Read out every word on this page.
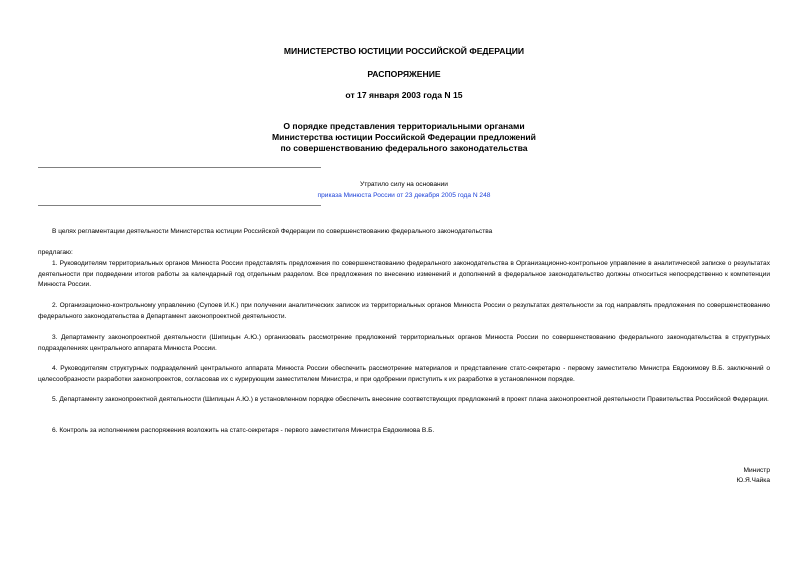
МИНИСТЕРСТВО ЮСТИЦИИ РОССИЙСКОЙ ФЕДЕРАЦИИ
РАСПОРЯЖЕНИЕ
от 17 января 2003 года N 15
О порядке представления территориальными органами
Министерства юстиции Российской Федерации предложений
по совершенствованию федерального законодательства
Утратило силу на основании
приказа Минюста России от 23 декабря 2005 года N 248
В целях регламентации деятельности Министерства юстиции Российской Федерации по совершенствованию федерального законодательства
предлагаю:
1. Руководителям территориальных органов Минюста России представлять предложения по совершенствованию федерального законодательства в Организационно-контрольное управление в аналитической записке о результатах деятельности при подведении итогов работы за календарный год отдельным разделом. Все предложения по внесению изменений и дополнений в федеральное законодательство должны относиться непосредственно к компетенции Минюста России.
2. Организационно-контрольному управлению (Супоев И.К.) при получении аналитических записок из территориальных органов Минюста России о результатах деятельности за год направлять предложения по совершенствованию федерального законодательства в Департамент законопроектной деятельности.
3. Департаменту законопроектной деятельности (Шипицын А.Ю.) организовать рассмотрение предложений территориальных органов Минюста России по совершенствованию федерального законодательства в структурных подразделениях центрального аппарата Минюста России.
4. Руководителям структурных подразделений центрального аппарата Минюста России обеспечить рассмотрение материалов и представление статс-секретарю - первому заместителю Министра Евдокимову В.Б. заключений о целесообразности разработки законопроектов, согласовав их с курирующим заместителем Министра, и при одобрении приступить к их разработке в установленном порядке.
5. Департаменту законопроектной деятельности (Шипицын А.Ю.) в установленном порядке обеспечить внесение соответствующих предложений в проект плана законопроектной деятельности Правительства Российской Федерации.
6. Контроль за исполнением распоряжения возложить на статс-секретаря - первого заместителя Министра Евдокимова В.Б.
Министр
Ю.Я.Чайка
